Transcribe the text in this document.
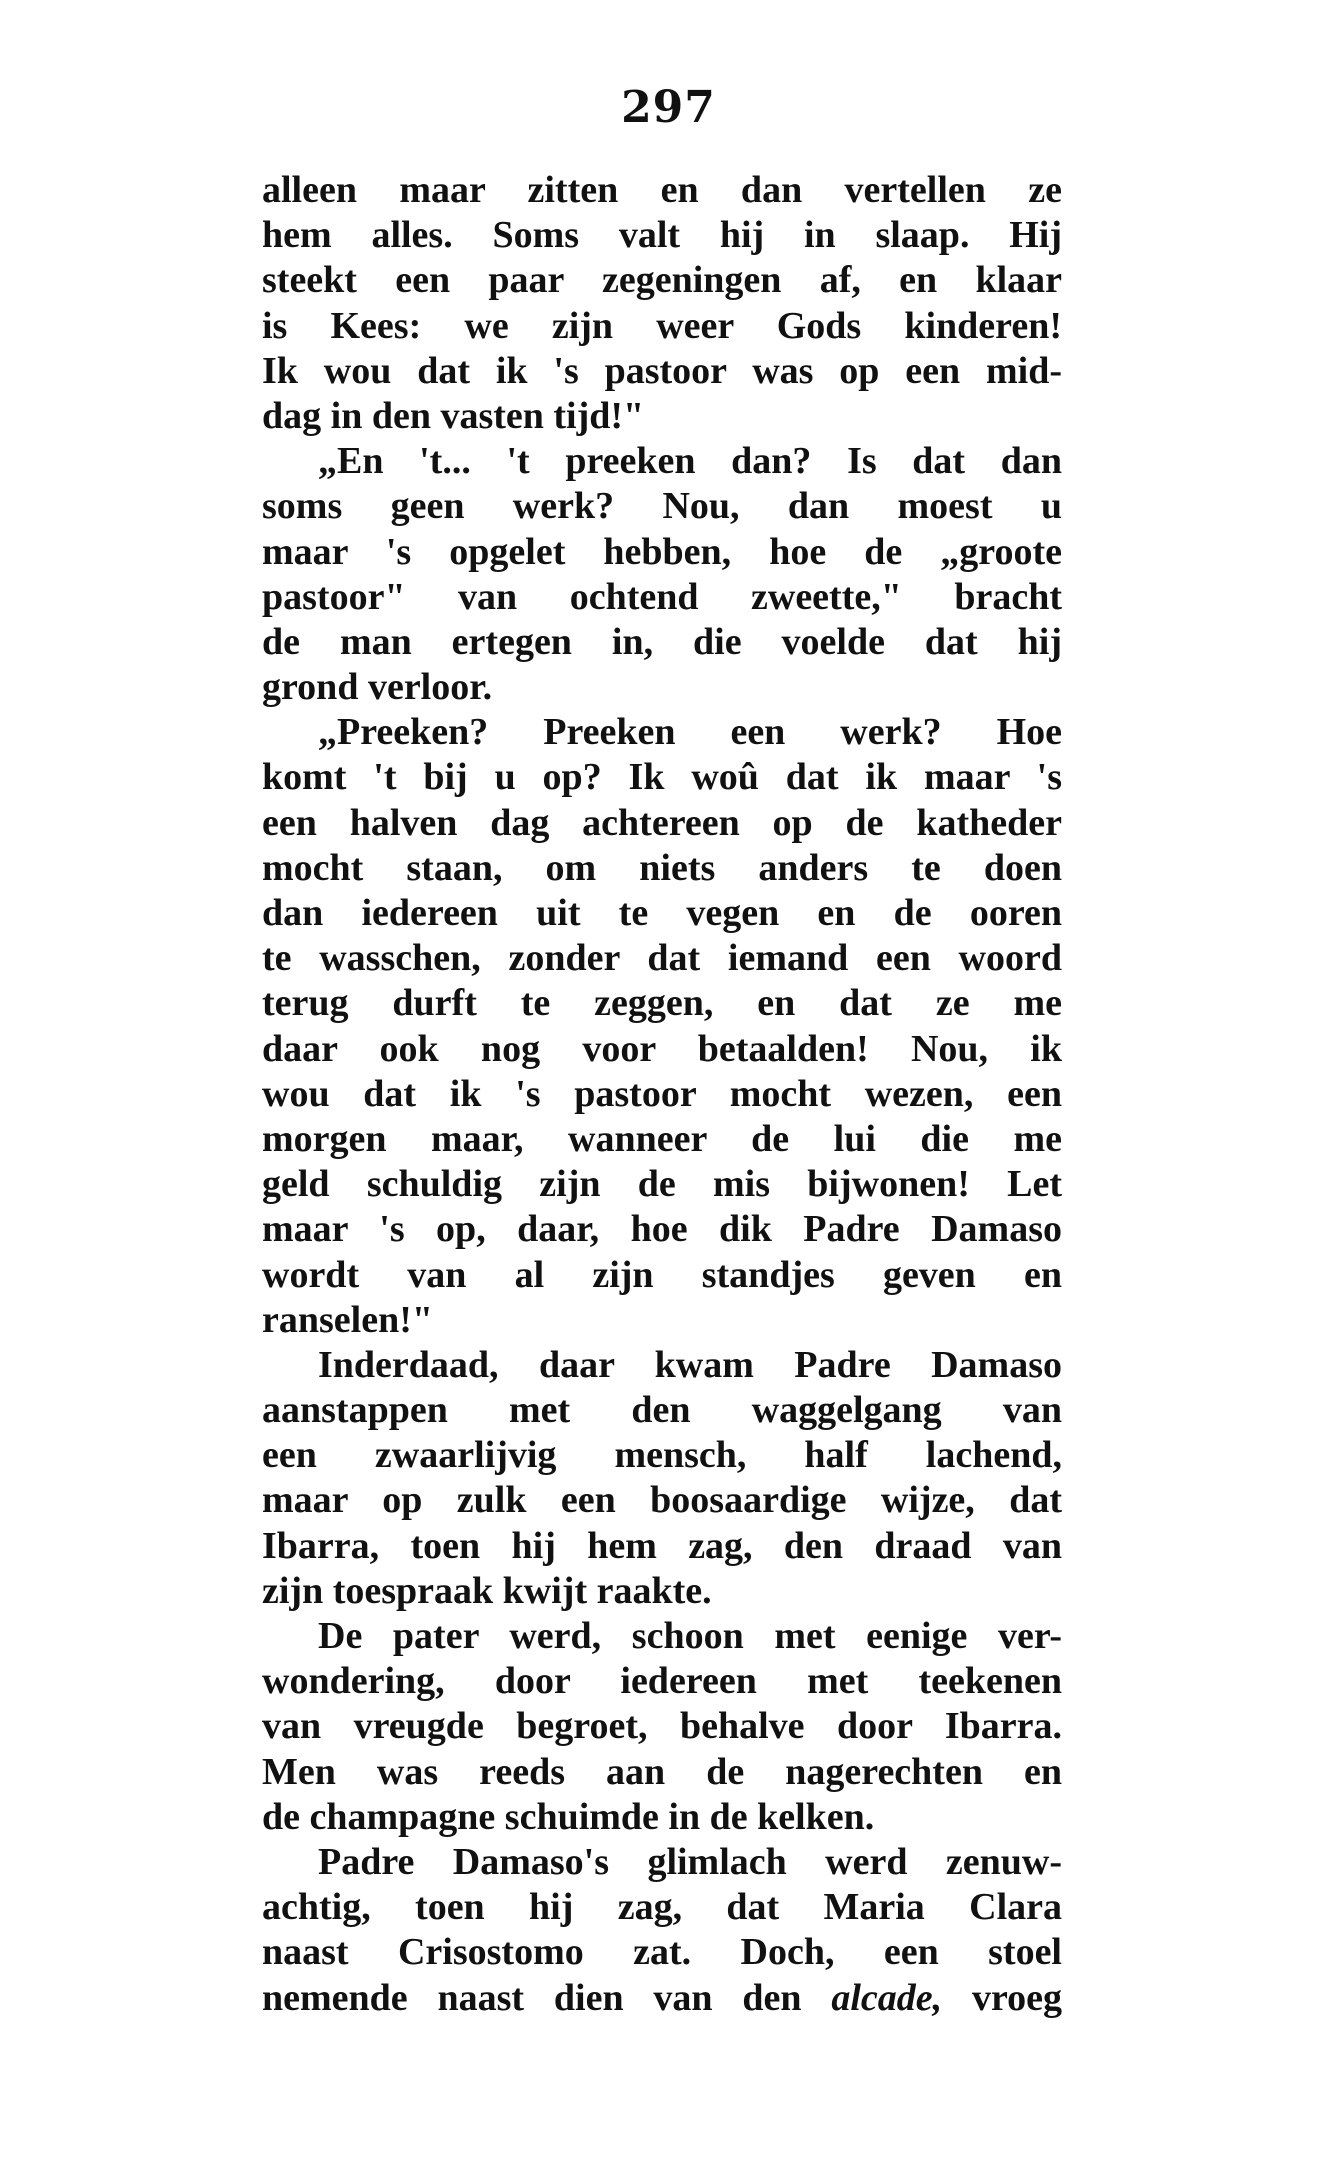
297
alleen maar zitten en dan vertellen ze
hem alles. Soms valt hij in slaap. Hij
steekt een paar zegeningen af, en klaar
is Kees: we zijn weer Gods kinderen!
Ik wou dat ik 's pastoor was op een mid-
dag in den vasten tijd!"
„En 't... 't preeken dan? Is dat dan
soms geen werk? Nou, dan moest u
maar 's opgelet hebben, hoe de „groote
pastoor" van ochtend zweette," bracht
de man ertegen in, die voelde dat hij
grond verloor.
„Preeken? Preeken een werk? Hoe
komt 't bij u op? Ik woû dat ik maar 's
een halven dag achtereen op de katheder
mocht staan, om niets anders te doen
dan iedereen uit te vegen en de ooren
te wasschen, zonder dat iemand een woord
terug durft te zeggen, en dat ze me
daar ook nog voor betaalden! Nou, ik
wou dat ik 's pastoor mocht wezen, een
morgen maar, wanneer de lui die me
geld schuldig zijn de mis bijwonen! Let
maar 's op, daar, hoe dik Padre Damaso
wordt van al zijn standjes geven en
ranselen!"
Inderdaad, daar kwam Padre Damaso
aanstappen met den waggelgang van
een zwaarlijvig mensch, half lachend,
maar op zulk een boosaardige wijze, dat
Ibarra, toen hij hem zag, den draad van
zijn toespraak kwijt raakte.
De pater werd, schoon met eenige ver-
wondering, door iedereen met teekenen
van vreugde begroet, behalve door Ibarra.
Men was reeds aan de nagerechten en
de champagne schuimde in de kelken.
Padre Damaso's glimlach werd zenuw-
achtig, toen hij zag, dat Maria Clara
naast Crisostomo zat. Doch, een stoel
nemende naast dien van den alcade, vroeg
